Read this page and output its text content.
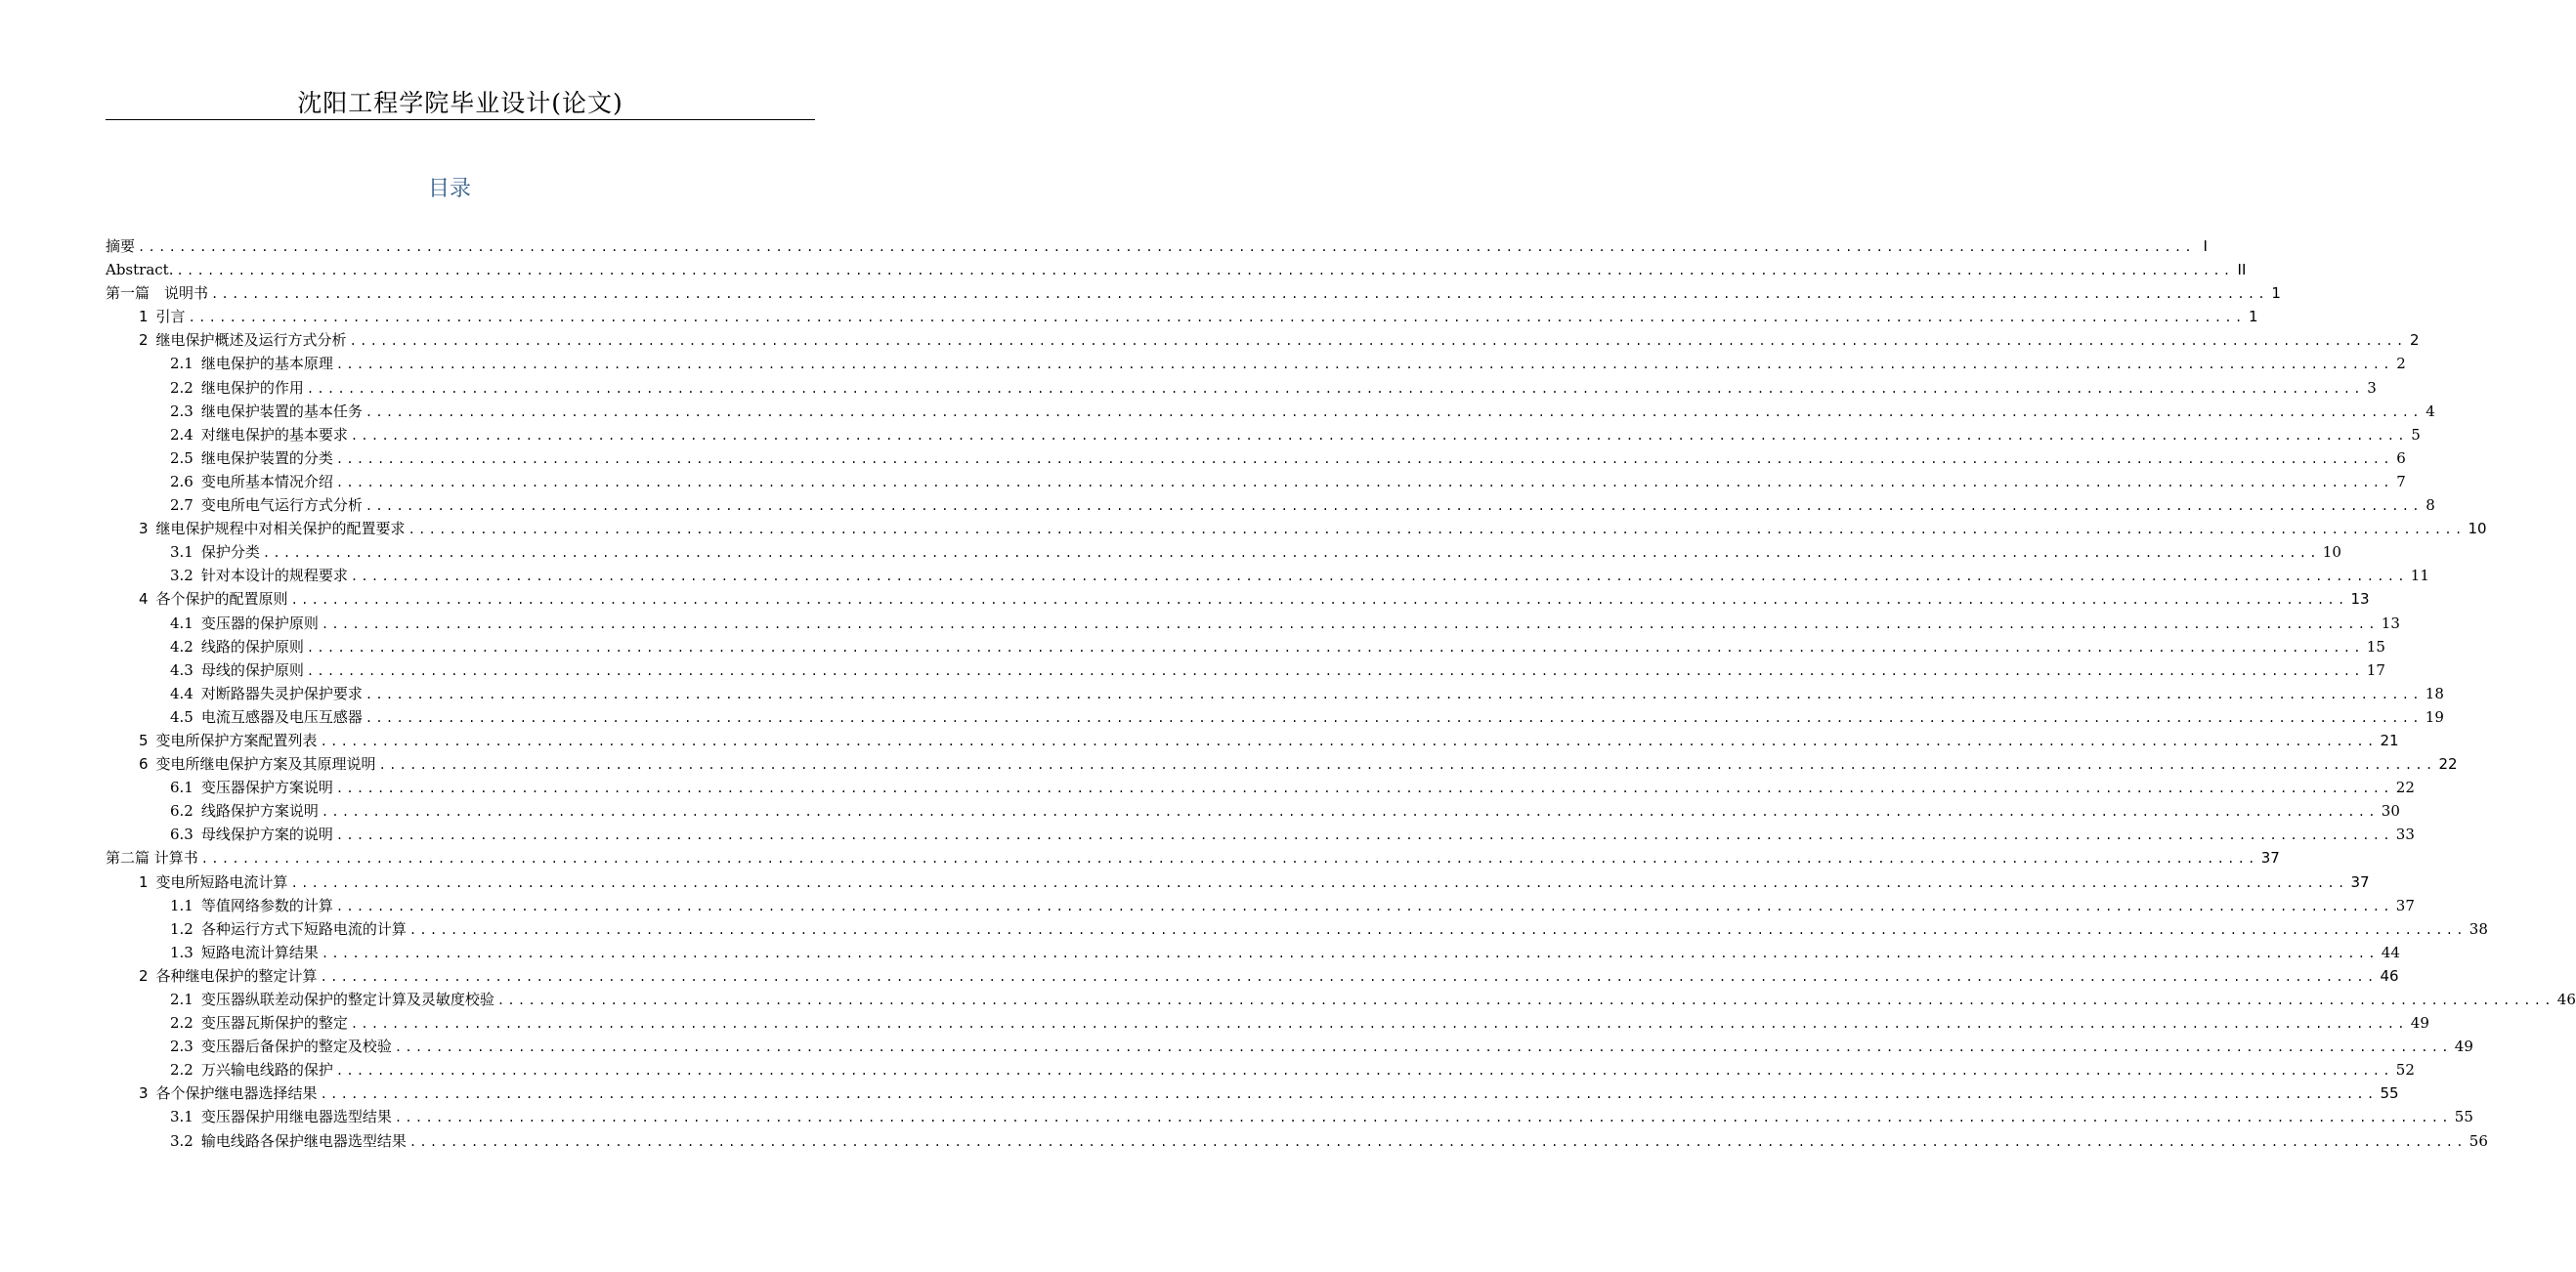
沈阳工程学院毕业设计(论文)
目录
摘要 ........................................................................................................................................................................................................ I
Abstract. ........................................................................................................................................................................................................ II
第一篇　说明书 ........................................................................................................................................................................................................ 1
1 引言 ........................................................................................................................................................................................................ 1
2 继电保护概述及运行方式分析 ........................................................................................................................................................................................................ 2
2.1 继电保护的基本原理 ........................................................................................................................................................................................................ 2
2.2 继电保护的作用 ........................................................................................................................................................................................................ 3
2.3 继电保护装置的基本任务 ........................................................................................................................................................................................................ 4
2.4 对继电保护的基本要求 ........................................................................................................................................................................................................ 5
2.5 继电保护装置的分类 ........................................................................................................................................................................................................ 6
2.6 变电所基本情况介绍 ........................................................................................................................................................................................................ 7
2.7 变电所电气运行方式分析 ........................................................................................................................................................................................................ 8
3 继电保护规程中对相关保护的配置要求 ........................................................................................................................................................................................................ 10
3.1 保护分类 ........................................................................................................................................................................................................ 10
3.2 针对本设计的规程要求 ........................................................................................................................................................................................................ 11
4 各个保护的配置原则 ........................................................................................................................................................................................................ 13
4.1 变压器的保护原则 ........................................................................................................................................................................................................ 13
4.2 线路的保护原则 ........................................................................................................................................................................................................ 15
4.3 母线的保护原则 ........................................................................................................................................................................................................ 17
4.4 对断路器失灵护保护要求 ........................................................................................................................................................................................................ 18
4.5 电流互感器及电压互感器 ........................................................................................................................................................................................................ 19
5 变电所保护方案配置列表 ........................................................................................................................................................................................................ 21
6 变电所继电保护方案及其原理说明 ........................................................................................................................................................................................................ 22
6.1 变压器保护方案说明 ........................................................................................................................................................................................................ 22
6.2 线路保护方案说明 ........................................................................................................................................................................................................ 30
6.3 母线保护方案的说明 ........................................................................................................................................................................................................ 33
第二篇 计算书 ........................................................................................................................................................................................................ 37
1 变电所短路电流计算 ........................................................................................................................................................................................................ 37
1.1 等值网络参数的计算 ........................................................................................................................................................................................................ 37
1.2 各种运行方式下短路电流的计算 ........................................................................................................................................................................................................ 38
1.3 短路电流计算结果 ........................................................................................................................................................................................................ 44
2 各种继电保护的整定计算 ........................................................................................................................................................................................................ 46
2.1 变压器纵联差动保护的整定计算及灵敏度校验 ........................................................................................................................................................................................................ 46
2.2 变压器瓦斯保护的整定 ........................................................................................................................................................................................................ 49
2.3 变压器后备保护的整定及校验 ........................................................................................................................................................................................................ 49
2.2 万兴输电线路的保护 ........................................................................................................................................................................................................ 52
3 各个保护继电器选择结果 ........................................................................................................................................................................................................ 55
3.1 变压器保护用继电器选型结果 ........................................................................................................................................................................................................ 55
3.2 输电线路各保护继电器选型结果 ........................................................................................................................................................................................................ 56
